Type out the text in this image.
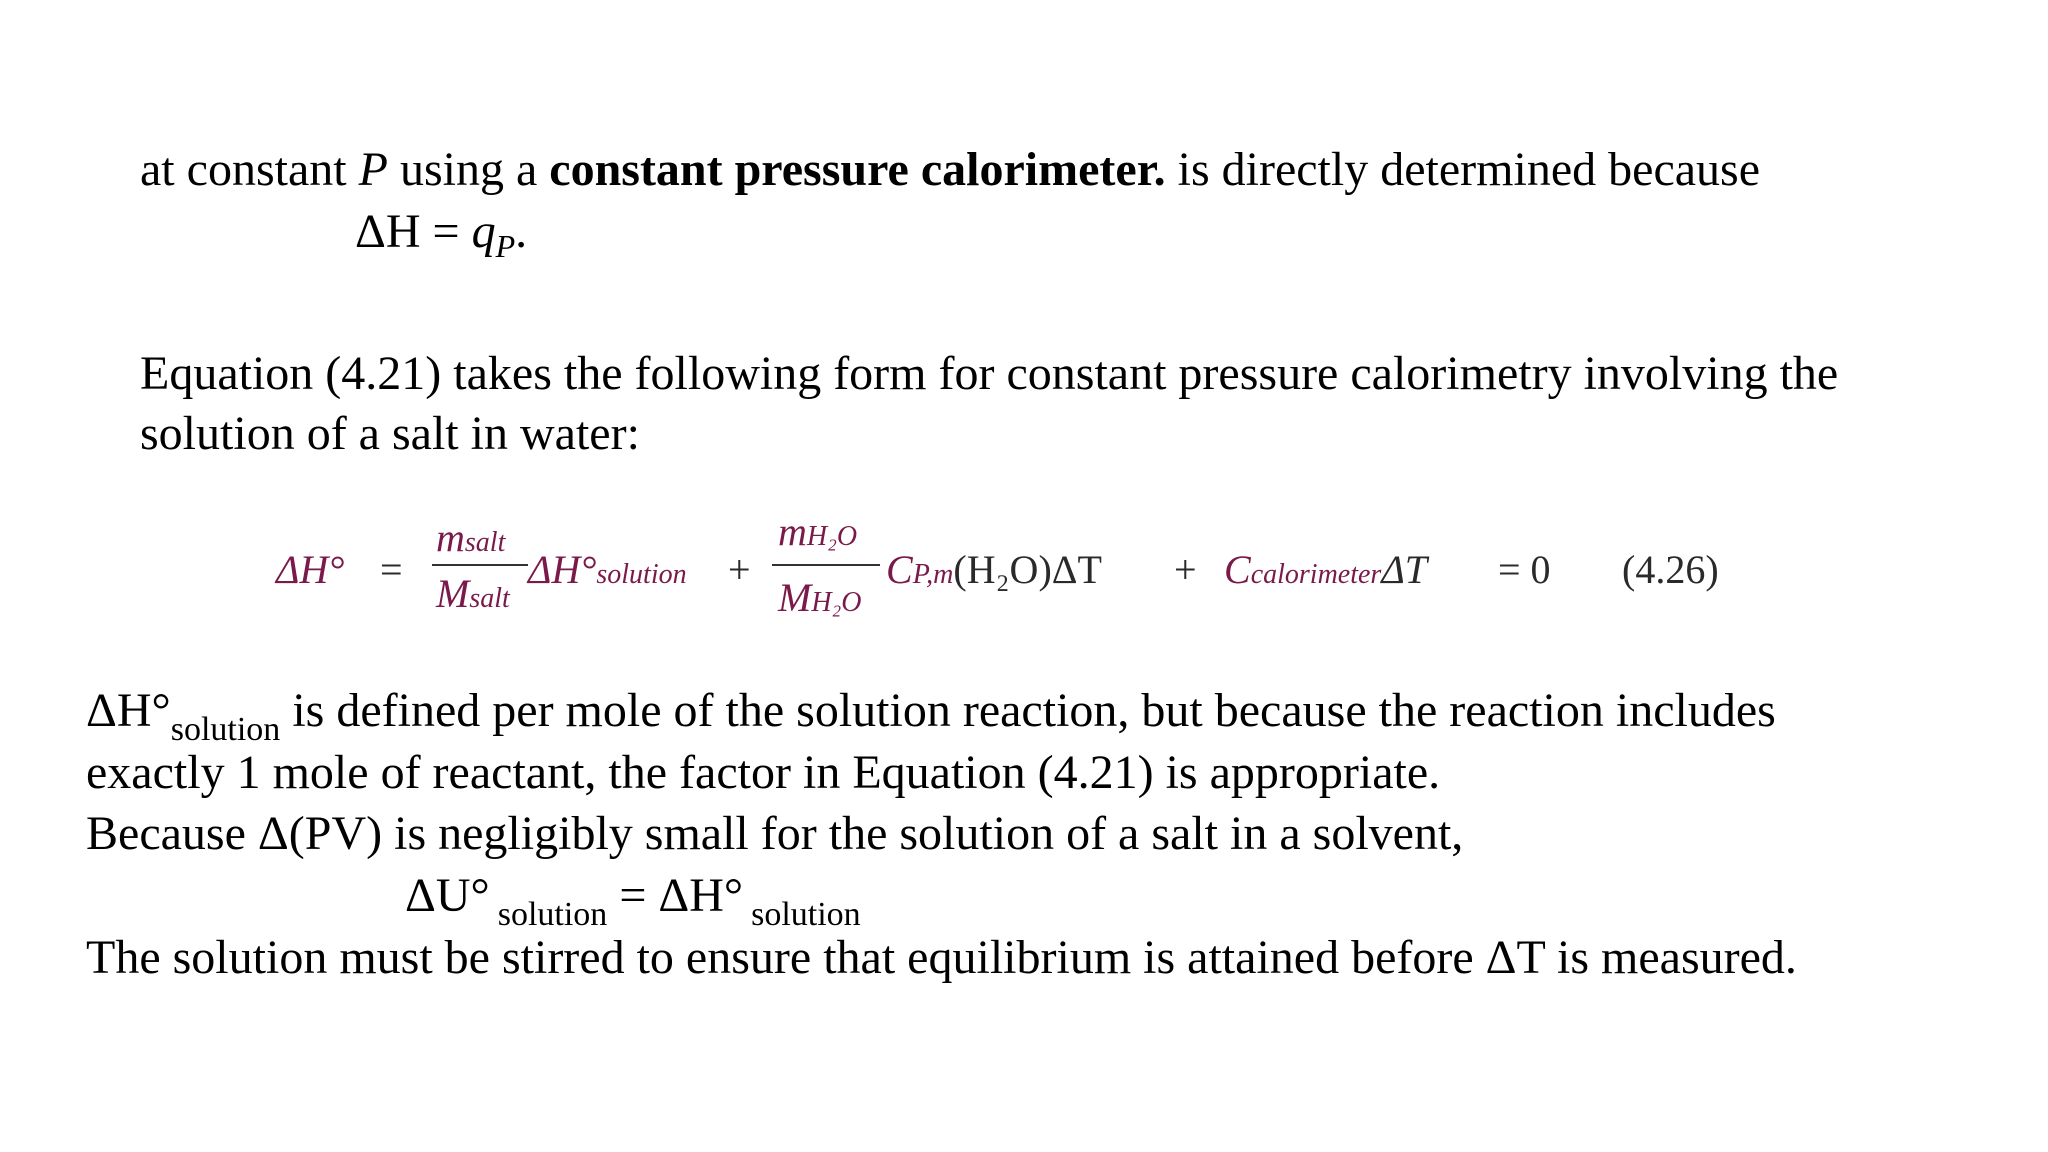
at constant P using a constant pressure calorimeter. is directly determined because
$\Delta H = q_P$.
Equation (4.21) takes the following form for constant pressure calorimetry involving the
solution of a salt in water:
ΔH° =
msalt
Msalt
ΔH°solution +
mH₂O
MH₂O
CP,m(H₂O)ΔT + CcalorimeterΔT = 0 (4.26)
$\Delta H^\circ_{solution}$ is defined per mole of the solution reaction, but because the reaction includes
exactly 1 mole of reactant, the factor in Equation (4.21) is appropriate.
Because Δ(PV) is negligibly small for the solution of a salt in a solvent,
ΔU° $_{solution}$ = ΔH° $_{solution}$
The solution must be stirred to ensure that equilibrium is attained before ΔT is measured.
